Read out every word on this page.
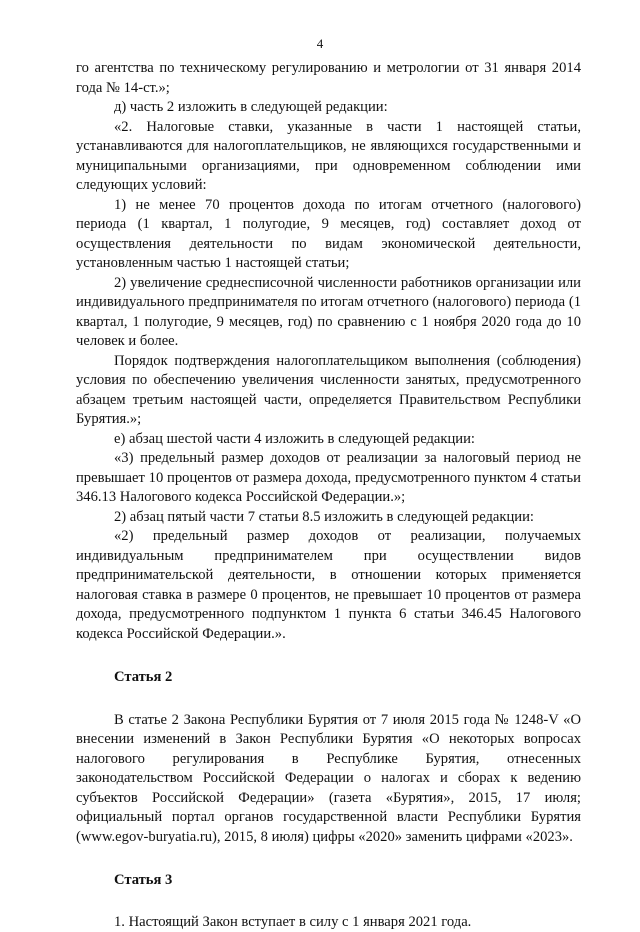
4

го агентства по техническому регулированию и метрологии от 31 января 2014 года № 14-ст.»;

д) часть 2 изложить в следующей редакции:

«2. Налоговые ставки, указанные в части 1 настоящей статьи, устанавливаются для налогоплательщиков, не являющихся государственными и муниципальными организациями, при одновременном соблюдении ими следующих условий:

1) не менее 70 процентов дохода по итогам отчетного (налогового) периода (1 квартал, 1 полугодие, 9 месяцев, год) составляет доход от осуществления деятельности по видам экономической деятельности, установленным частью 1 настоящей статьи;

2) увеличение среднесписочной численности работников организации или индивидуального предпринимателя по итогам отчетного (налогового) периода (1 квартал, 1 полугодие, 9 месяцев, год) по сравнению с 1 ноября 2020 года до 10 человек и более.

Порядок подтверждения налогоплательщиком выполнения (соблюдения) условия по обеспечению увеличения численности занятых, предусмотренного абзацем третьим настоящей части, определяется Правительством Республики Бурятия.»;

е) абзац шестой части 4 изложить в следующей редакции:

«3) предельный размер доходов от реализации за налоговый период не превышает 10 процентов от размера дохода, предусмотренного пунктом 4 статьи 346.13 Налогового кодекса Российской Федерации.»;

2) абзац пятый части 7 статьи 8.5 изложить в следующей редакции:

«2) предельный размер доходов от реализации, получаемых индивидуальным предпринимателем при осуществлении видов предпринимательской деятельности, в отношении которых применяется налоговая ставка в размере 0 процентов, не превышает 10 процентов от размера дохода, предусмотренного подпунктом 1 пункта 6 статьи 346.45 Налогового кодекса Российской Федерации.».

Статья 2

В статье 2 Закона Республики Бурятия от 7 июля 2015 года № 1248-V «О внесении изменений в Закон Республики Бурятия «О некоторых вопросах налогового регулирования в Республике Бурятия, отнесенных законодательством Российской Федерации о налогах и сборах к ведению субъектов Российской Федерации» (газета «Бурятия», 2015, 17 июля; официальный портал органов государственной власти Республики Бурятия (www.egov-buryatia.ru), 2015, 8 июля) цифры «2020» заменить цифрами «2023».

Статья 3

1. Настоящий Закон вступает в силу с 1 января 2021 года.
